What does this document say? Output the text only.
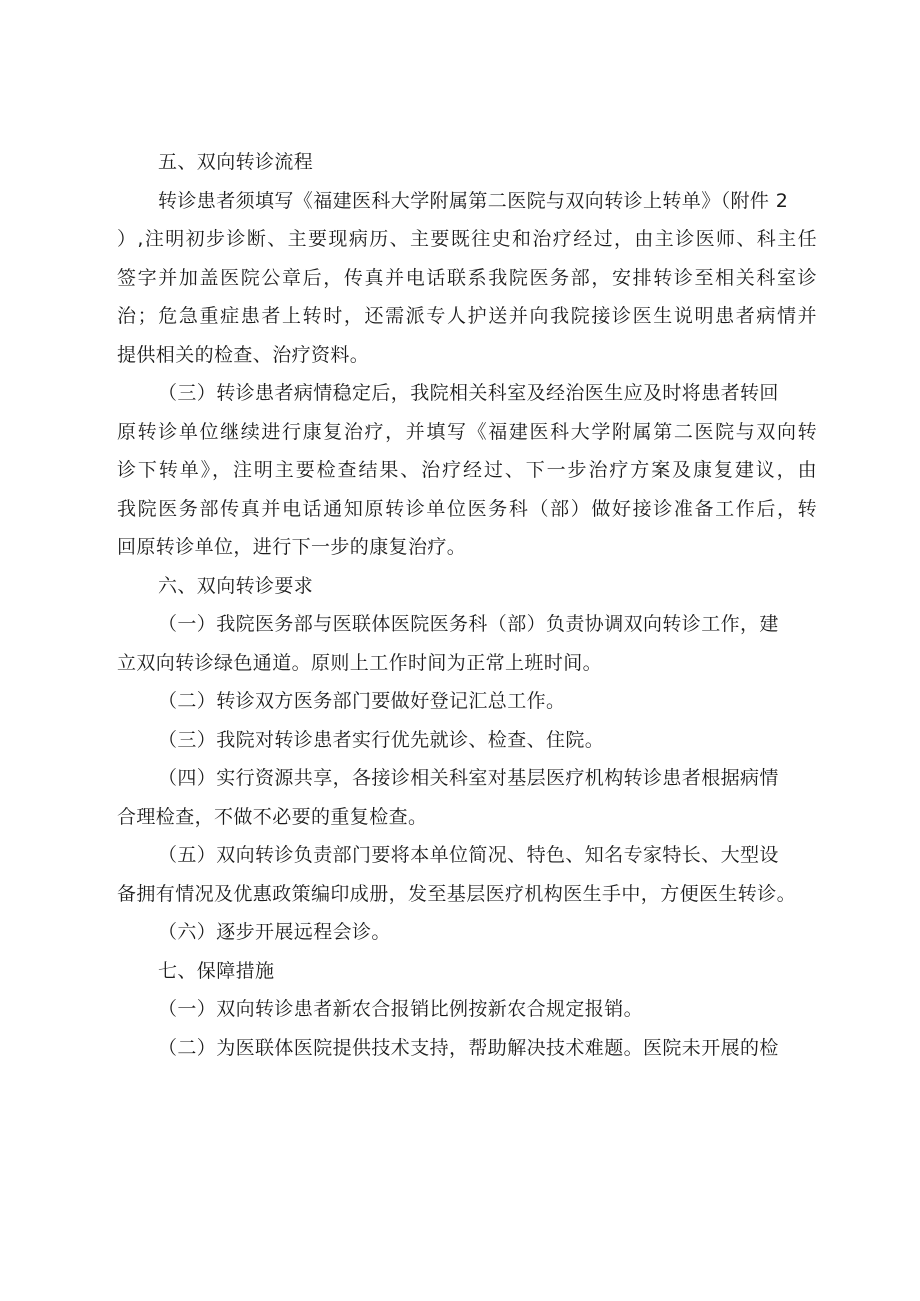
五、双向转诊流程
转诊患者须填写《福建医科大学附属第二医院与双向转诊上转单》（附件 2
）,注明初步诊断、主要现病历、主要既往史和治疗经过，由主诊医师、科主任
签字并加盖医院公章后，传真并电话联系我院医务部，安排转诊至相关科室诊
治；危急重症患者上转时，还需派专人护送并向我院接诊医生说明患者病情并
提供相关的检查、治疗资料。
（三）转诊患者病情稳定后，我院相关科室及经治医生应及时将患者转回
原转诊单位继续进行康复治疗，并填写《福建医科大学附属第二医院与双向转
诊下转单》，注明主要检查结果、治疗经过、下一步治疗方案及康复建议，由
我院医务部传真并电话通知原转诊单位医务科（部）做好接诊准备工作后，转
回原转诊单位，进行下一步的康复治疗。
六、双向转诊要求
（一）我院医务部与医联体医院医务科（部）负责协调双向转诊工作，建
立双向转诊绿色通道。原则上工作时间为正常上班时间。
（二）转诊双方医务部门要做好登记汇总工作。
（三）我院对转诊患者实行优先就诊、检查、住院。
（四）实行资源共享，各接诊相关科室对基层医疗机构转诊患者根据病情
合理检查，不做不必要的重复检查。
（五）双向转诊负责部门要将本单位简况、特色、知名专家特长、大型设
备拥有情况及优惠政策编印成册，发至基层医疗机构医生手中，方便医生转诊。
（六）逐步开展远程会诊。
七、保障措施
（一）双向转诊患者新农合报销比例按新农合规定报销。
（二）为医联体医院提供技术支持，帮助解决技术难题。医院未开展的检
